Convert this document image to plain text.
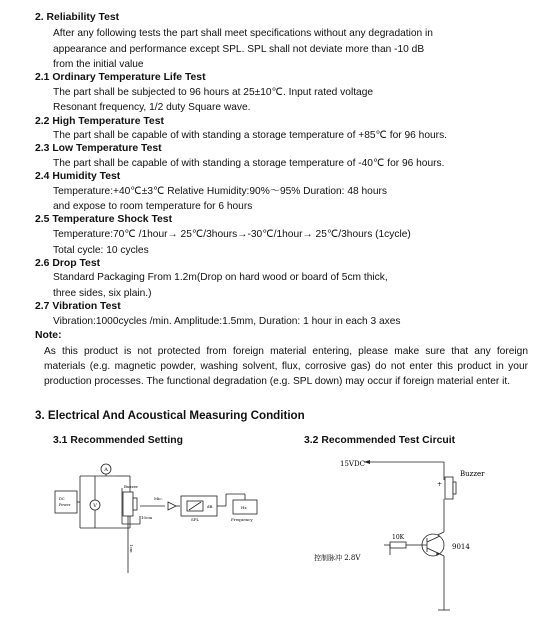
2. Reliability Test
After any following tests the part shall meet specifications without any degradation in
appearance and performance except SPL. SPL shall not deviate more than -10 dB
from the initial value
2.1 Ordinary Temperature Life Test
The part shall be subjected to 96 hours at 25±10℃. Input rated voltage
Resonant frequency, 1/2 duty Square wave.
2.2 High Temperature Test
The part shall be capable of with standing a storage temperature of +85℃ for 96 hours.
2.3 Low Temperature Test
The part shall be capable of with standing a storage temperature of -40℃ for 96 hours.
2.4 Humidity Test
Temperature:+40℃±3℃ Relative Humidity:90%～95% Duration: 48 hours
and expose to room temperature for 6 hours
2.5 Temperature Shock Test
Temperature:70℃ /1hour→ 25℃/3hours→-30℃/1hour→ 25℃/3hours (1cycle)
Total cycle: 10 cycles
2.6 Drop Test
Standard Packaging From 1.2m(Drop on hard wood or board of 5cm thick,
three sides, six plain.)
2.7 Vibration Test
Vibration:1000cycles /min. Amplitude:1.5mm, Duration: 1 hour in each 3 axes
Note:
As this product is not protected from foreign material entering, please make sure that any foreign
materials (e.g. magnetic powder, washing solvent, flux, corrosive gas) do not enter this product in your
production processes. The functional degradation (e.g. SPL down) may occur if foreign material enter it.
3. Electrical And Acoustical Measuring Condition
3.1 Recommended Setting	3.2 Recommended Test Circuit
A
V
DC
Power
Buzzer
Mic.
10cm	SPL
dB	Hz
Frequency
1cm
15VDC
Buzzer
+
10K
9014
控制脉冲 2.8V
